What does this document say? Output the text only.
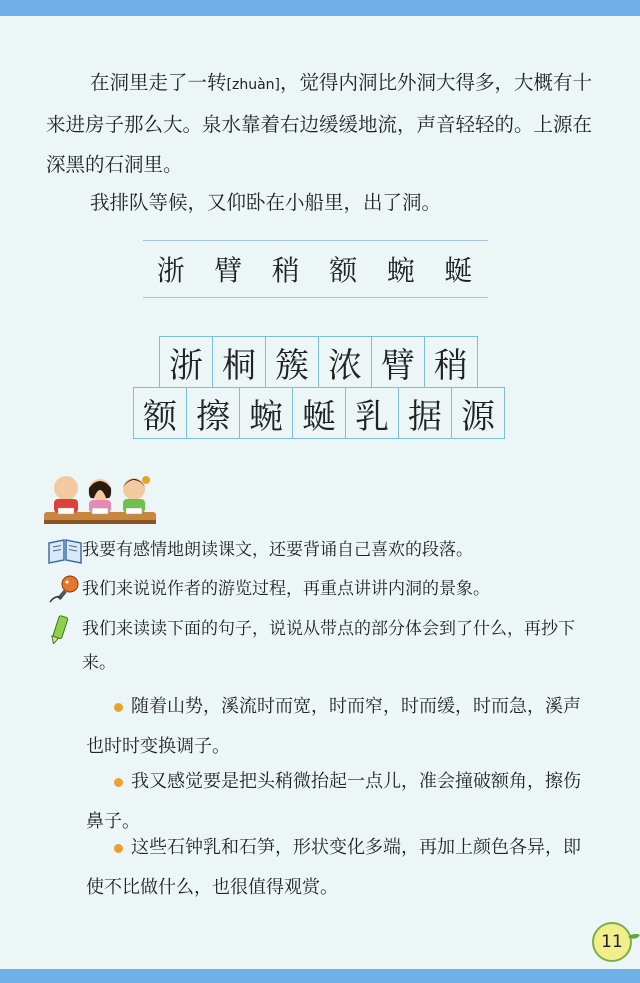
在洞里走了一转[zhuàn]，觉得内洞比外洞大得多，大概有十来进房子那么大。泉水靠着右边缓缓地流，声音轻轻的。上源在深黑的石洞里。

我排队等候，又仰卧在小船里，出了洞。

浙 臂 稍 额 蜿 蜒
浙 桐 簇 浓 臂 稍
额 擦 蜿 蜒 乳 据 源
我要有感情地朗读课文，还要背诵自己喜欢的段落。
我们来说说作者的游览过程，再重点讲讲内洞的景象。
我们来读读下面的句子，说说从带点的部分体会到了什么，再抄下来。
随着山势，溪流时而宽，时而窄，时而缓，时而急，溪声也时时变换调子。
我又感觉要是把头稍微抬起一点儿，准会撞破额角，擦伤鼻子。
这些石钟乳和石笋，形状变化多端，再加上颜色各异，即使不比做什么，也很值得观赏。
11
